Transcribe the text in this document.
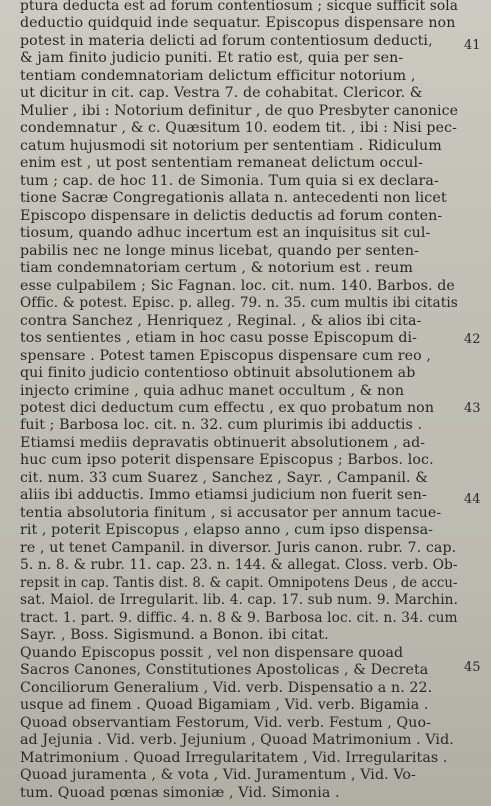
ptura deducta est ad forum contentiosum ; sicque sufficit sola
deductio quidquid inde sequatur. Episcopus dispensare non
potest in materia delicti ad forum contentiosum deducti,
& jam finito judicio puniti. Et ratio est, quia per sen-
tentiam condemnatoriam delictum efficitur notorium ,
ut dicitur in cit. cap. Vestra 7. de cohabitat. Clericor. &
Mulier , ibi : Notorium definitur , de quo Presbyter canonice
condemnatur , & c. Quæsitum 10. eodem tit. , ibi : Nisi pec-
catum hujusmodi sit notorium per sententiam . Ridiculum
enim est , ut post sententiam remaneat delictum occul-
tum ; cap. de hoc 11. de Simonia. Tum quia si ex declara-
tione Sacræ Congregationis allata n. antecedenti non licet
Episcopo dispensare in delictis deductis ad forum conten-
tiosum, quando adhuc incertum est an inquisitus sit cul-
pabilis nec ne longe minus licebat, quando per senten-
tiam condemnatoriam certum , & notorium est . reum
esse culpabilem ; Sic Fagnan. loc. cit. num. 140. Barbos. de
Offic. & potest. Episc. p. alleg. 79. n. 35. cum multis ibi citatis
contra Sanchez , Henriquez , Reginal. , & alios ibi cita-
tos sentientes , etiam in hoc casu posse Episcopum di-
spensare . Potest tamen Episcopus dispensare cum reo ,
qui finito judicio contentioso obtinuit absolutionem ab
injecto crimine , quia adhuc manet occultum , & non
potest dici deductum cum effectu , ex quo probatum non
fuit ; Barbosa loc. cit. n. 32. cum plurimis ibi adductis .
Etiamsi mediis depravatis obtinuerit absolutionem , ad-
huc cum ipso poterit dispensare Episcopus ; Barbos. loc.
cit. num. 33 cum Suarez , Sanchez , Sayr. , Campanil. &
aliis ibi adductis. Immo etiamsi judicium non fuerit sen-
tentia absolutoria finitum , si accusator per annum tacue-
rit , poterit Episcopus , elapso anno , cum ipso dispensa-
re , ut tenet Campanil. in diversor. Juris canon. rubr. 7. cap.
5. n. 8. & rubr. 11. cap. 23. n. 144. & allegat. Closs. verb. Ob-
repsit in cap. Tantis dist. 8. & capit. Omnipotens Deus , de accu-
sat. Maiol. de Irregularit. lib. 4. cap. 17. sub num. 9. Marchin.
tract. 1. part. 9. diffic. 4. n. 8 & 9. Barbosa loc. cit. n. 34. cum
Sayr. , Boss. Sigismund. a Bonon. ibi citat.
Quando Episcopus possit , vel non dispensare quoad
Sacros Canones, Constitutiones Apostolicas , & Decreta
Conciliorum Generalium , Vid. verb. Dispensatio a n. 22.
usque ad finem . Quoad Bigamiam , Vid. verb. Bigamia .
Quoad observantiam Festorum, Vid. verb. Festum , Quo-
ad Jejunia . Vid. verb. Jejunium , Quoad Matrimonium . Vid.
Matrimonium . Quoad Irregularitatem , Vid. Irregularitas .
Quoad juramenta , & vota , Vid. Juramentum , Vid. Vo-
tum. Quoad pœnas simoniæ , Vid. Simonia .
41
42
43
44
45
